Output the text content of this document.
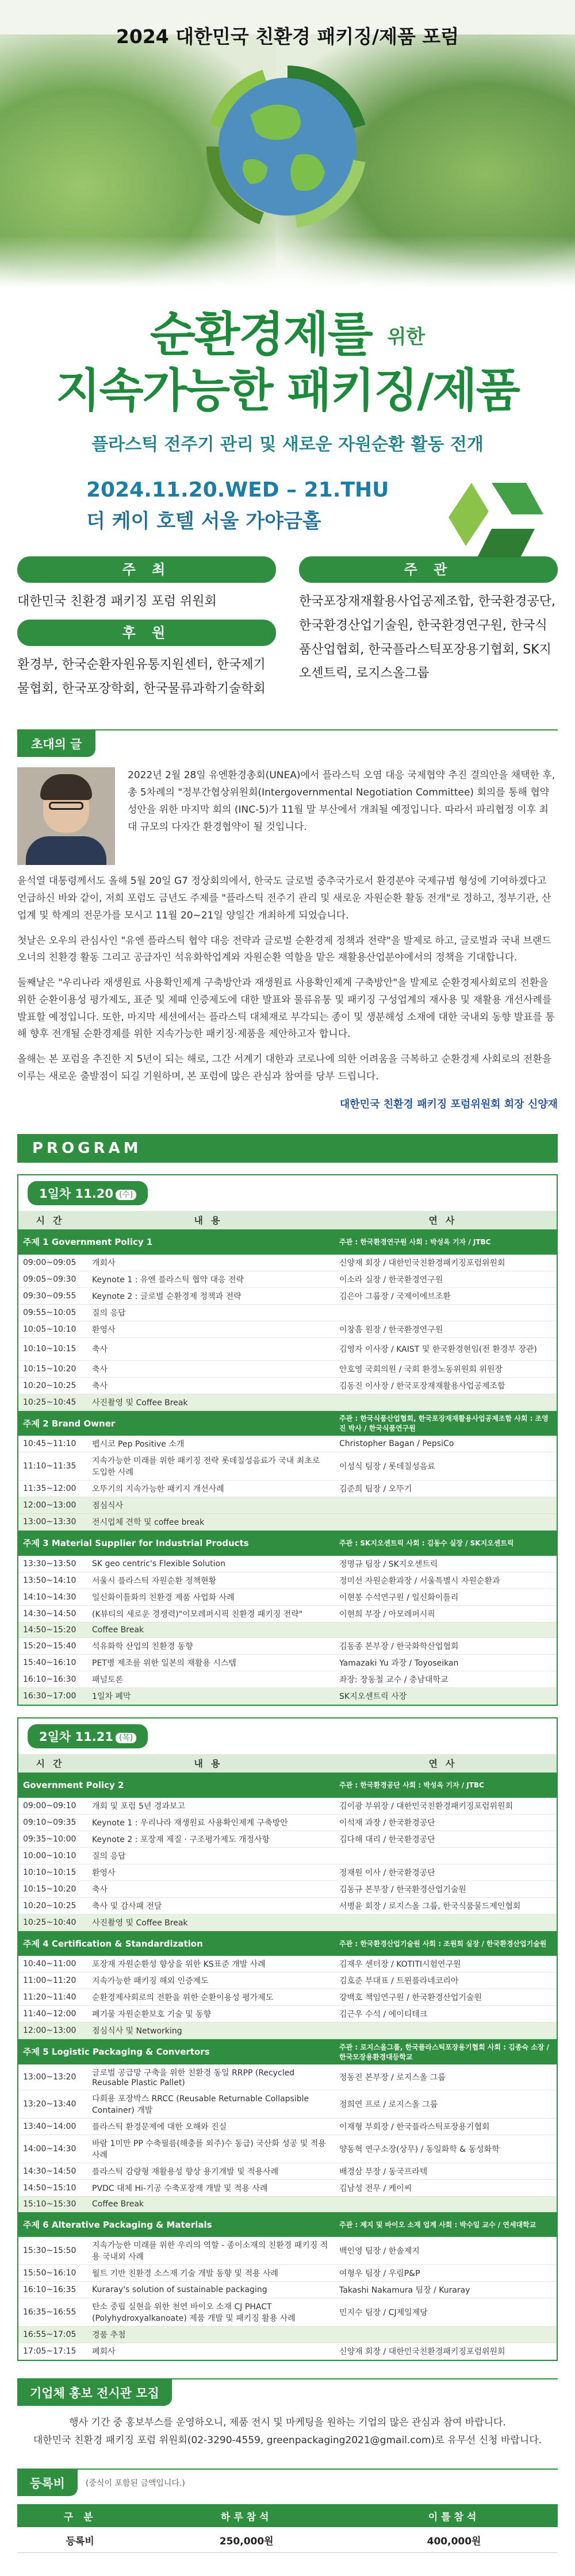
2024 대한민국 친환경 패키징/제품 포럼
순환경제를 위한
지속가능한 패키징/제품
플라스틱 전주기 관리 및 새로운 자원순환 활동 전개
2024.11.20.WED – 21.THU
더 케이 호텔 서울 가야금홀
주 최
대한민국 친환경 패키징 포럼 위원회
후 원
환경부, 한국순환자원유통지원센터, 한국제기물협회, 한국포장학회, 한국물류과학기술학회
주 관
한국포장재재활용사업공제조합, 한국환경공단, 한국환경산업기술원, 한국환경연구원, 한국식품산업협회, 한국플라스틱포장용기협회, SK지오센트릭, 로지스올그룹
초대의 글

2022년 2월 28일 유엔환경총회(UNEA)에서 플라스틱 오염 대응 국제협약 추진 결의안을 채택한 후, 총 5차례의 "정부간협상위원회(Intergovernmental Negotiation Committee) 회의를 통해 협약 성안을 위한 마지막 회의 (INC-5)가 11월 말 부산에서 개최될 예정입니다. 따라서 파리협정 이후 최대 규모의 다자간 환경협약이 될 것입니다.

윤석열 대통령께서도 올해 5월 20일 G7 정상회의에서, 한국도 글로벌 중추국가로서 환경분야 국제규범 형성에 기여하겠다고 언급하신 바와 같이, 저희 포럼도 금년도 주제를 "플라스틱 전주기 관리 및 새로운 자원순환 활동 전개"로 정하고, 정부기관, 산업계 및 학계의 전문가를 모시고 11월 20~21일 양일간 개최하게 되었습니다.

첫날은 오우의 관심사인 "유엔 플라스틱 협약 대응 전략과 글로벌 순환경제 정책과 전략"을 발제로 하고, 글로벌과 국내 브랜드오너의 친환경 활동 그리고 공급자인 석유화학업계와 자원순환 역할을 맡은 재활용산업분야에서의 정책을 기대합니다.

둘째날은 "우리나라 재생원료 사용확인제계 구축방안과 재생원료 사용확인제계 구축방안"을 발제로 순환경제사회로의 전환을 위한 순환이용성 평가제도, 표준 및 제때 인증제도에 대한 발표와 물류유통 및 패키징 구성업계의 재사용 및 재활용 개선사례를 발표할 예정입니다. 또한, 마지막 세션에서는 플라스틱 대체재로 부각되는 종이 및 생분해성 소재에 대한 국내외 동향 발표를 통해 향후 전개될 순환경제를 위한 지속가능한 패키징·제품을 제안하고자 합니다.

올해는 본 포럼을 추진한 지 5년이 되는 해로, 그간 서계기 대한과 코로나에 의한 어려움을 극복하고 순환경제 사회로의 전환을 이루는 새로운 출발점이 되길 기원하며, 본 포럼에 많은 관심과 참여를 당부 드립니다.

대한민국 친환경 패키징 포럼위원회 회장 신양재
PROGRAM
1일차 11.20 (수)
시간	내용	연사
주제 1 Government Policy 1		주관 : 한국환경연구원 사회 : 박성옥 기자 / JTBC
09:00~09:05	개회사	신양재 회장 / 대한민국친환경패키징포럼위원회
09:05~09:30	Keynote 1 : 유엔 플라스틱 협약 대응 전략	이소라 실장 / 한국환경연구원
09:30~09:55	Keynote 2 : 글로벌 순환경제 정책과 전략	김은아 그룹장 / 국제이에브조환
09:55~10:05	질의 응답	
10:05~10:10	환영사	이창흠 원장 / 한국환경연구원
10:10~10:15	축사	김영자 이사장 / KAIST 및 한국환경현임(전 환경부 장관)
10:15~10:20	축사	안호영 국회의원 / 국회 환경노동위원회 위원장
10:20~10:25	축사	김동진 이사장 / 한국포장재재활용사업공제조합
10:25~10:45	사진촬영 및 Coffee Break	
주제 2 Brand Owner		주관 : 한국식품산업협회, 한국포장재재활용사업공제조합 사회 : 조영진 박사 / 한국식품연구원
10:45~11:10	펩시코 Pep Positive 소개	Christopher Bagan / PepsiCo
11:10~11:35	지속가능한 미래를 위한 패키징 전략 롯데칠성음료가 국내 최초로 도입한 사례	이성식 팀장 / 롯데칠성음료
11:35~12:00	오뚜기의 지속가능한 패키지 개선사례	김준희 팀장 / 오뚜기
12:00~13:00	점심식사	
13:00~13:30	전시업체 견학 및 coffee break	
주제 3 Material Supplier for Industrial Products		주관 : SK지오센트릭 사회 : 김동수 실장 / SK지오센트릭
13:30~13:50	SK geo centric's Flexible Solution	정명규 팀장 / SK지오센트릭
13:50~14:10	서울시 플라스틱 자원순환 정책현황	정미선 자원순환과장 / 서울특별시 자원순환과
14:10~14:30	일신화이틀화의 친환경 제품 사업화 사례	이현봉 수석연구원 / 일신화이틀리
14:30~14:50	(K뷰티의 세로운 경쟁력)"이모레퍼시픽 친환경 패키징 전략"	이현희 부장 / 아모레퍼시픽
14:50~15:20	Coffee Break	
15:20~15:40	석유화학 산업의 친환경 동향	김동종 본부장 / 한국화학산업협회
15:40~16:10	PET병 제조를 위한 일본의 재활용 시스템	Yamazaki Yu 과장 / Toyoseikan
16:10~16:30	패널토론	좌장: 장동철 교수 / 충남대학교
16:30~17:00	1일차 폐막	SK지오센트릭 사장
2일차 11.21 (목)
시간	내용	연사
Government Policy 2		주관 : 한국환경공단 사회 : 박성옥 기자 / JTBC
09:00~09:10	개회 및 포럼 5년 경과보고	김이광 부위장 / 대한민국친환경패키징포럼위원회
09:10~09:35	Keynote 1 : 우리나라 재생원료 사용확인제계 구축방안	이석재 과장 / 한국환경공단
09:35~10:00	Keynote 2 : 포장재 제질 · 구조평가제도 개정사항	김다해 대리 / 한국환경공단
10:00~10:10	질의 응답	
10:10~10:15	환영사	정재원 이사 / 한국환경공단
10:15~10:20	축사	김동규 본부장 / 한국환경산업기술원
10:20~10:25	축사 및 감사패 전달	서병윤 회장 / 로지스올 그룹, 한국식품물드제인협회
10:25~10:40	사진촬영 및 Coffee Break	
주제 4 Certification & Standardization		주관 : 한국환경산업기술원 사회 : 조원희 실장 / 한국환경산업기술원
10:40~11:00	포장재 자원순환성 향상을 위한 KS표준 개발 사례	김재우 센터장 / KOTITI시험연구원
11:00~11:20	지속가능한 패키징 해외 인증제도	김호준 부대표 / 트윈플라네코리아
11:20~11:40	순환경제사회로의 전환을 위한 순환이용성 평가제도	강백호 책임연구원 / 한국환경산업기술원
11:40~12:00	폐기물 자원순환보호 기술 및 동향	김근우 수석 / 에이티테크
12:00~13:00	점심식사 및 Networking	
주제 5 Logistic Packaging & Convertors		주관 : 로지스올그룹, 한국플라스틱포장용기협회 사회 : 김종숙 소장 / 한국모장용환경대등학교
13:00~13:20	글로벌 공급망 구축을 위한 친환경 동일 RRPP (Recycled Reusable Plastic Pallet)	정동진 본부장 / 로지스올 그룹
13:20~13:40	다회용 포장박스 RRCC (Reusable Returnable Collapsible Container) 개발	정희연 프로 / 로지스올 그룹
13:40~14:00	플라스틱 환경문제에 대한 오해와 진실	이재형 부회장 / 한국플라스틱포장용기협회
14:00~14:30	바람 1미만 PP 수축필름(해충를 외주)수 동급) 국산화 성공 및 적용 사례	양동혁 연구소장(상무) / 동일화학 & 동성화학
14:30~14:50	플라스틱 감량형 재활용성 향상 용기개발 및 적용사례	배경삼 부장 / 동국프라텍
14:50~15:10	PVDC 대체 Hi-기공 수축포장재 개발 및 적용 사례	김남성 전무 / 케이씨
15:10~15:30	Coffee Break	
주제 6 Alterative Packaging & Materials		주관 : 제지 및 바이오 소재 업계 사회 : 박수일 교수 / 연세대학교
15:30~15:50	지속가능한 미래를 위한 우리의 역할 - 종이소재의 친환경 패키징 적용 국내외 사례	백인영 팀장 / 한솔제지
15:50~16:10	월트 기반 친환경 소스재 기술 개발 동향 및 적용 사례	여형우 팀장 / 우림P&P
16:10~16:35	Kuraray's solution of sustainable packaging	Takashi Nakamura 팀장 / Kuraray
16:35~16:55	탄소 중립 실현을 위한 천연 바이오 소재 CJ PHACT (Polyhydroxyalkanoate) 제품 개발 및 패키징 활용 사례	민지수 팀장 / CJ제일제당
16:55~17:05	경품 추첨	
17:05~17:15	폐회사	신양재 회장 / 대한민국친환경패키징포럼위원회
기업체 홍보 전시관 모집
행사 기간 중 홍보부스를 운영하오니, 제품 전시 및 마케팅을 원하는 기업의 많은 관심과 참여 바랍니다.
대한민국 친환경 패키징 포럼 위원회(02-3290-4559, greenpackaging2021@gmail.com)로 유무선 신청 바랍니다.
등록비	(중식이 포함된 금액입니다.)
구 분	하루참석	이틀참석
등록비	250,000원	400,000원
